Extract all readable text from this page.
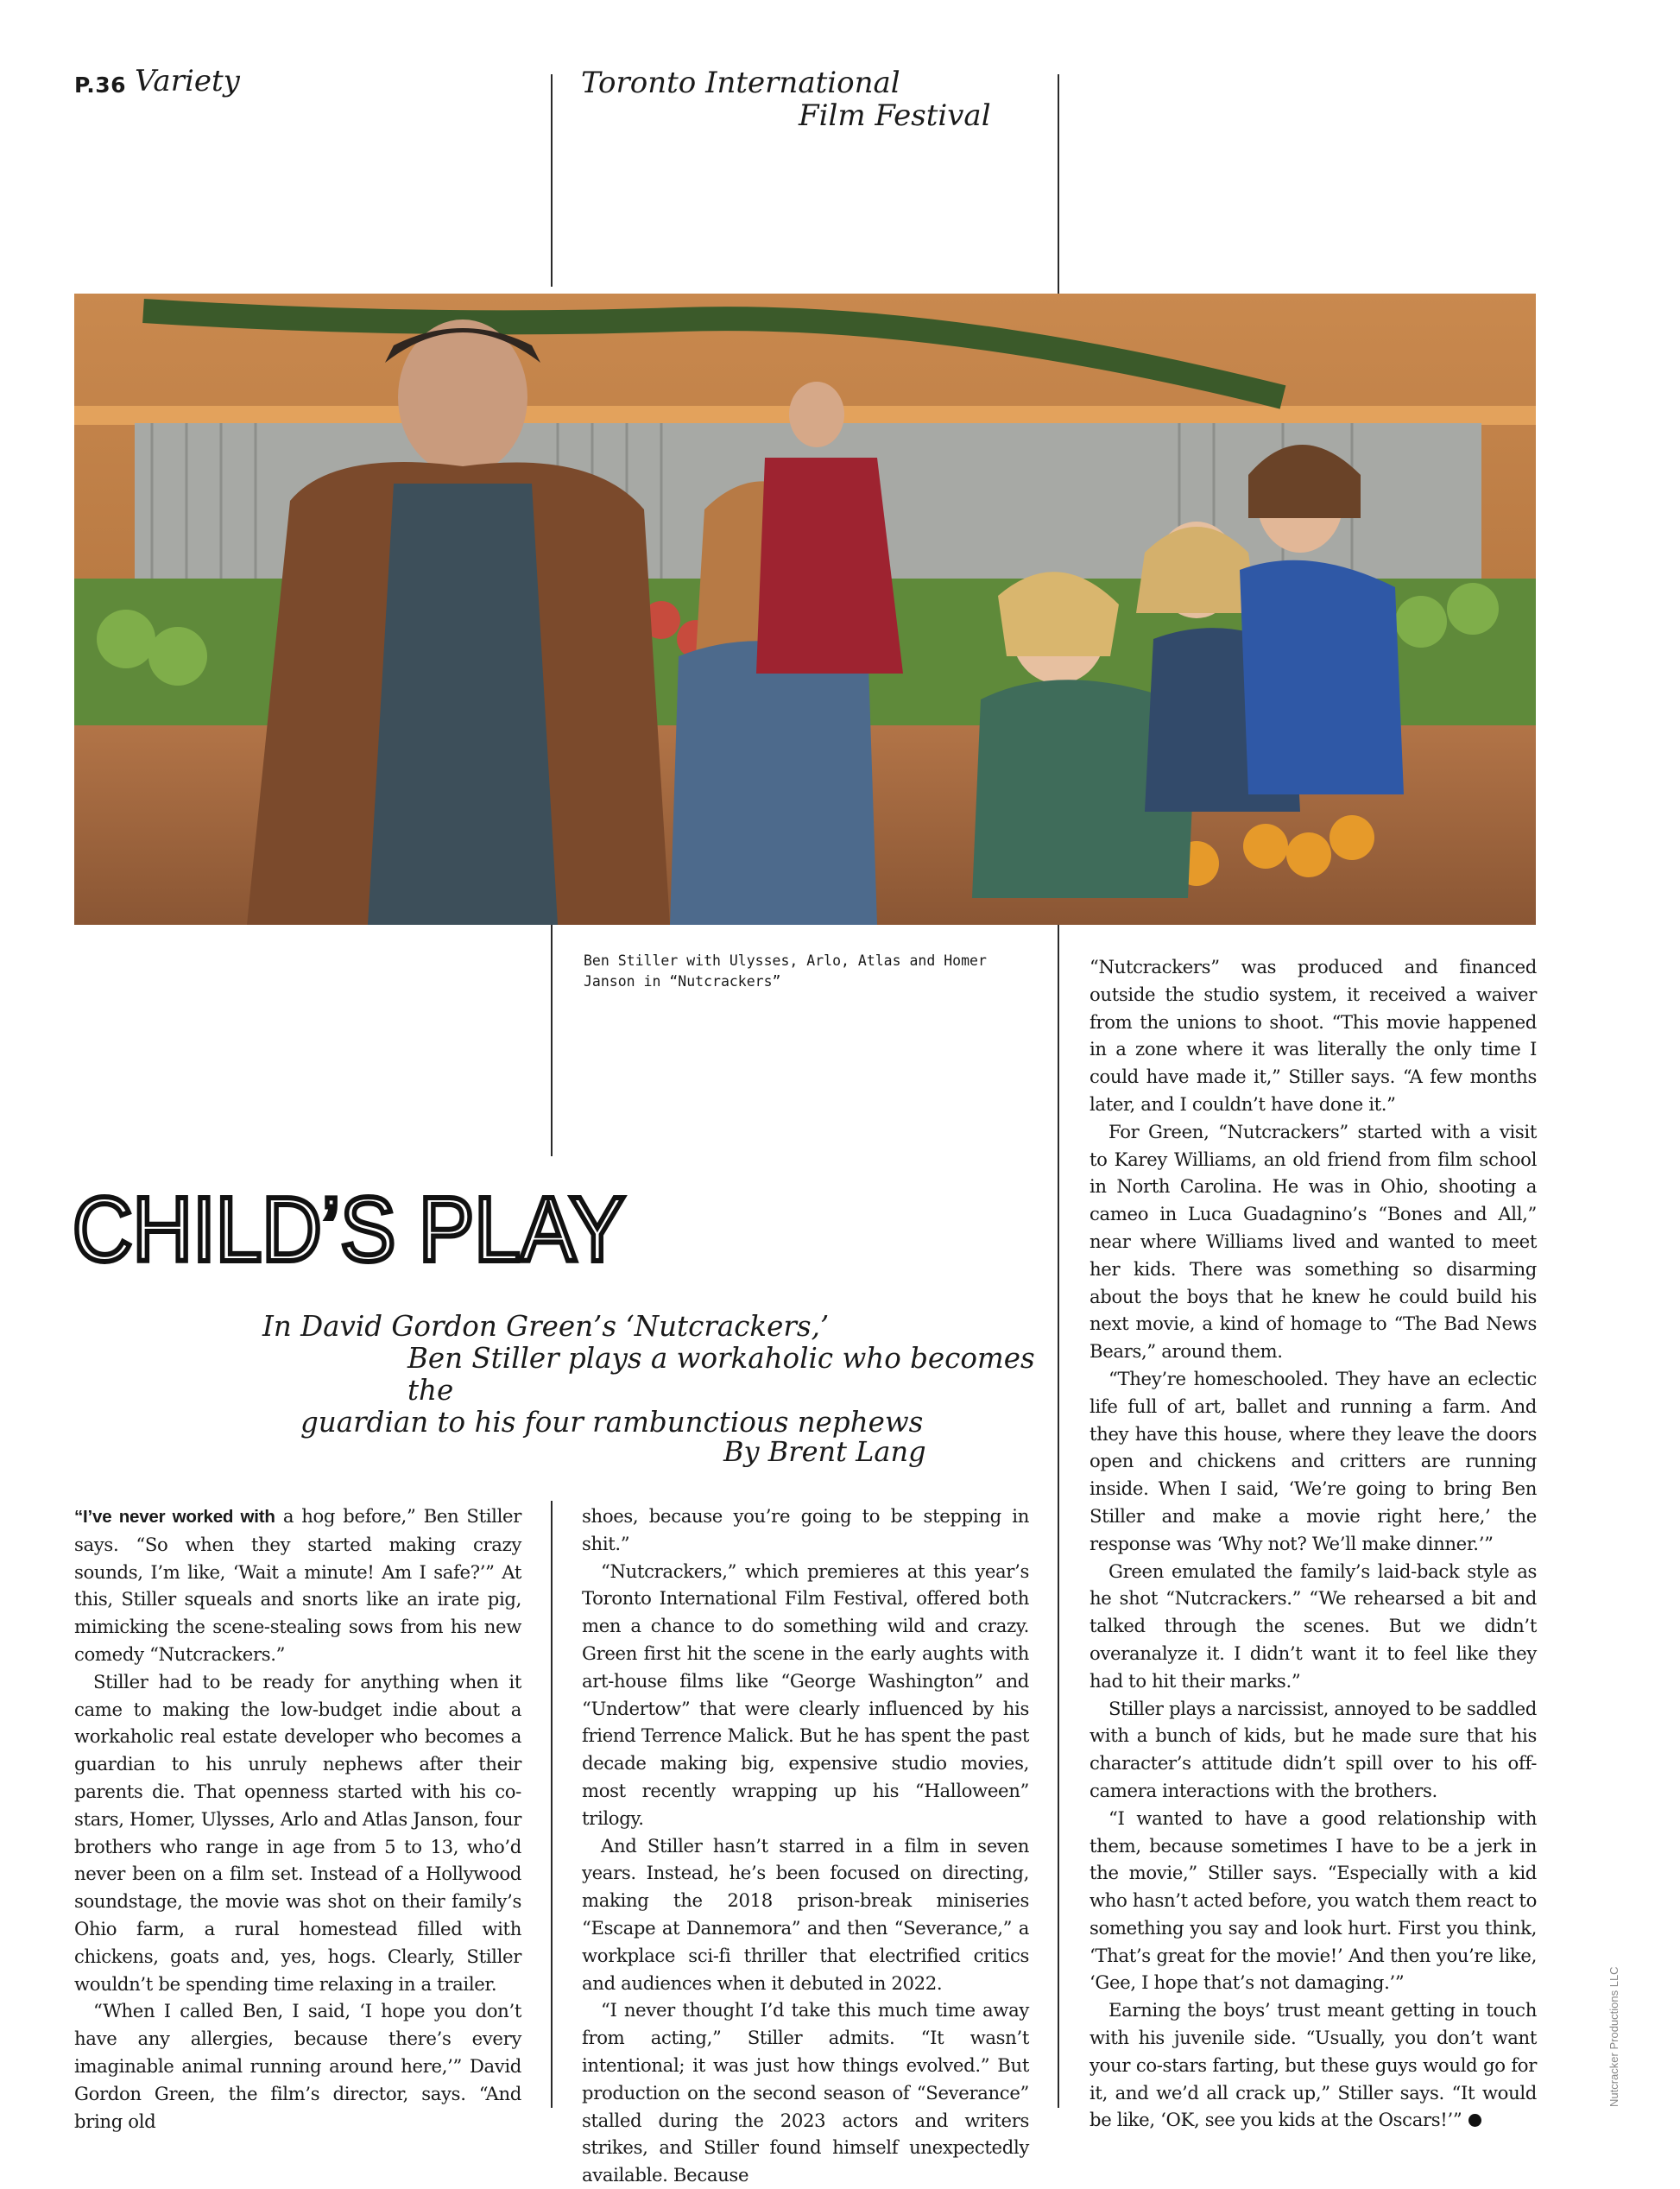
P.36 Variety	Toronto International
Film Festival
Ben Stiller with Ulysses, Arlo, Atlas and Homer Janson in “Nutcrackers”
Nutcracker Productions LLC
CHILD’S PLAY
In David Gordon Green’s ‘Nutcrackers,’
Ben Stiller plays a workaholic who becomes the
guardian to his four rambunctious nephews
By Brent Lang

“I’ve never worked with a hog before,” Ben Stiller says. “So when they started making crazy sounds, I’m like, ‘Wait a minute! Am I safe?’” At this, Stiller squeals and snorts like an irate pig, mimicking the scene-stealing sows from his new comedy “Nutcrackers.”

Stiller had to be ready for anything when it came to making the low-budget indie about a workaholic real estate developer who becomes a guardian to his unruly nephews after their parents die. That openness started with his co-stars, Homer, Ulysses, Arlo and Atlas Janson, four brothers who range in age from 5 to 13, who’d never been on a film set. Instead of a Hollywood soundstage, the movie was shot on their family’s Ohio farm, a rural homestead filled with chickens, goats and, yes, hogs. Clearly, Stiller wouldn’t be spending time relaxing in a trailer.

“When I called Ben, I said, ‘I hope you don’t have any allergies, because there’s every imaginable animal running around here,’” David Gordon Green, the film’s director, says. “And bring old

shoes, because you’re going to be stepping in shit.”

“Nutcrackers,” which premieres at this year’s Toronto International Film Festival, offered both men a chance to do something wild and crazy. Green first hit the scene in the early aughts with art-house films like “George Washington” and “Undertow” that were clearly influenced by his friend Terrence Malick. But he has spent the past decade making big, expensive studio movies, most recently wrapping up his “Halloween” trilogy.

And Stiller hasn’t starred in a film in seven years. Instead, he’s been focused on directing, making the 2018 prison-break miniseries “Escape at Dannemora” and then “Severance,” a workplace sci-fi thriller that electrified critics and audiences when it debuted in 2022.

“I never thought I’d take this much time away from acting,” Stiller admits. “It wasn’t intentional; it was just how things evolved.” But production on the second season of “Severance” stalled during the 2023 actors and writers strikes, and Stiller found himself unexpectedly available. Because

“Nutcrackers” was produced and financed outside the studio system, it received a waiver from the unions to shoot. “This movie happened in a zone where it was literally the only time I could have made it,” Stiller says. “A few months later, and I couldn’t have done it.”

For Green, “Nutcrackers” started with a visit to Karey Williams, an old friend from film school in North Carolina. He was in Ohio, shooting a cameo in Luca Guadagnino’s “Bones and All,” near where Williams lived and wanted to meet her kids. There was something so disarming about the boys that he knew he could build his next movie, a kind of homage to “The Bad News Bears,” around them.

“They’re homeschooled. They have an eclectic life full of art, ballet and running a farm. And they have this house, where they leave the doors open and chickens and critters are running inside. When I said, ‘We’re going to bring Ben Stiller and make a movie right here,’ the response was ‘Why not? We’ll make dinner.’”

Green emulated the family’s laid-back style as he shot “Nutcrackers.” “We rehearsed a bit and talked through the scenes. But we didn’t overanalyze it. I didn’t want it to feel like they had to hit their marks.”

Stiller plays a narcissist, annoyed to be saddled with a bunch of kids, but he made sure that his character’s attitude didn’t spill over to his off-camera interactions with the brothers.

“I wanted to have a good relationship with them, because sometimes I have to be a jerk in the movie,” Stiller says. “Especially with a kid who hasn’t acted before, you watch them react to something you say and look hurt. First you think, ‘That’s great for the movie!’ And then you’re like, ‘Gee, I hope that’s not damaging.’”

Earning the boys’ trust meant getting in touch with his juvenile side. “Usually, you don’t want your co-stars farting, but these guys would go for it, and we’d all crack up,” Stiller says. “It would be like, ‘OK, see you kids at the Oscars!’”
